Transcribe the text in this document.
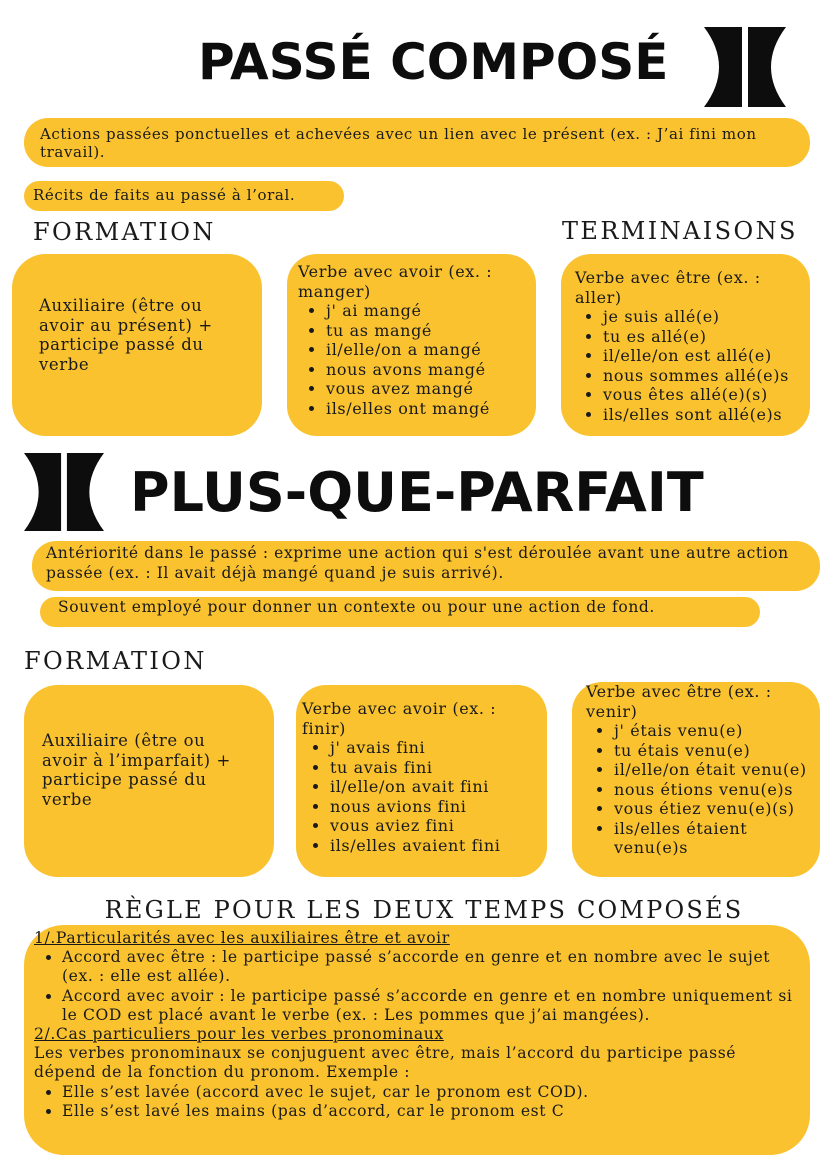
PASSÉ COMPOSÉ
Actions passées ponctuelles et achevées avec un lien avec le présent (ex. : J’ai fini mon travail).
Récits de faits au passé à l’oral.
FORMATION	TERMINAISONS
Auxiliaire (être ou avoir au présent) + participe passé du verbe
Verbe avec avoir (ex. : manger)
• j' ai mangé
• tu as mangé
• il/elle/on a mangé
• nous avons mangé
• vous avez mangé
• ils/elles ont mangé
Verbe avec être (ex. : aller)
• je suis allé(e)
• tu es allé(e)
• il/elle/on est allé(e)
• nous sommes allé(e)s
• vous êtes allé(e)(s)
• ils/elles sont allé(e)s
PLUS-QUE-PARFAIT
Antériorité dans le passé : exprime une action qui s'est déroulée avant une autre action passée (ex. : Il avait déjà mangé quand je suis arrivé).
Souvent employé pour donner un contexte ou pour une action de fond.
FORMATION
Auxiliaire (être ou avoir à l’imparfait) + participe passé du verbe
Verbe avec avoir (ex. : finir)
• j' avais fini
• tu avais fini
• il/elle/on avait fini
• nous avions fini
• vous aviez fini
• ils/elles avaient fini
Verbe avec être (ex. : venir)
• j' étais venu(e)
• tu étais venu(e)
• il/elle/on était venu(e)
• nous étions venu(e)s
• vous étiez venu(e)(s)
• ils/elles étaient venu(e)s
RÈGLE POUR LES DEUX TEMPS COMPOSÉS
1/.Particularités avec les auxiliaires être et avoir
• Accord avec être : le participe passé s’accorde en genre et en nombre avec le sujet (ex. : elle est allée).
• Accord avec avoir : le participe passé s’accorde en genre et en nombre uniquement si le COD est placé avant le verbe (ex. : Les pommes que j’ai mangées).
2/.Cas particuliers pour les verbes pronominaux
Les verbes pronominaux se conjuguent avec être, mais l’accord du participe passé dépend de la fonction du pronom. Exemple :
• Elle s’est lavée (accord avec le sujet, car le pronom est COD).
• Elle s’est lavé les mains (pas d’accord, car le pronom est C
